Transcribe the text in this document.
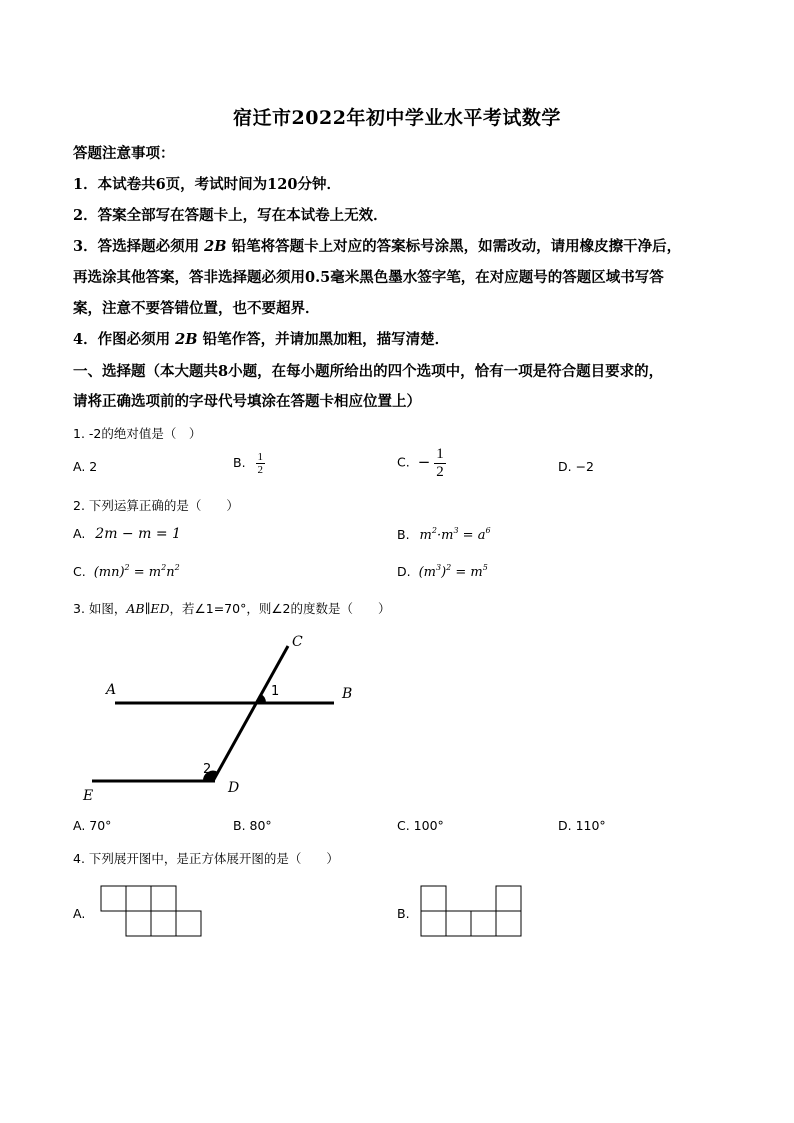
宿迁市2022年初中学业水平考试数学
答题注意事项：
1．本试卷共6页，考试时间为120分钟．
2．答案全部写在答题卡上，写在本试卷上无效．
3．答选择题必须用 2B 铅笔将答题卡上对应的答案标号涂黑，如需改动，请用橡皮擦干净后，
再选涂其他答案，答非选择题必须用0.5毫米黑色墨水签字笔，在对应题号的答题区域书写答
案，注意不要答错位置，也不要超界．
4．作图必须用 2B 铅笔作答，并请加黑加粗，描写清楚．
一、选择题（本大题共8小题，在每小题所给出的四个选项中，恰有一项是符合题目要求的，
请将正确选项前的字母代号填涂在答题卡相应位置上）
1. -2的绝对值是（　）
A. 2	B. $\frac{1}{2}$	C. − $\frac{1}{2}$	D. −2
2. 下列运算正确的是（　　）
A. 2m − m = 1	B. $m^2\cdot m^3 = a^6$
C. $(mn)^2 = m^2n^2$	D. $(m^3)^2 = m^5$
3. 如图，AB∥ED，若∠1=70°，则∠2的度数是（　　）
A	B
C
D
E
1
2
A. 70°	B. 80°	C. 100°	D. 110°
4. 下列展开图中，是正方体展开图的是（　　）
A.	B.
